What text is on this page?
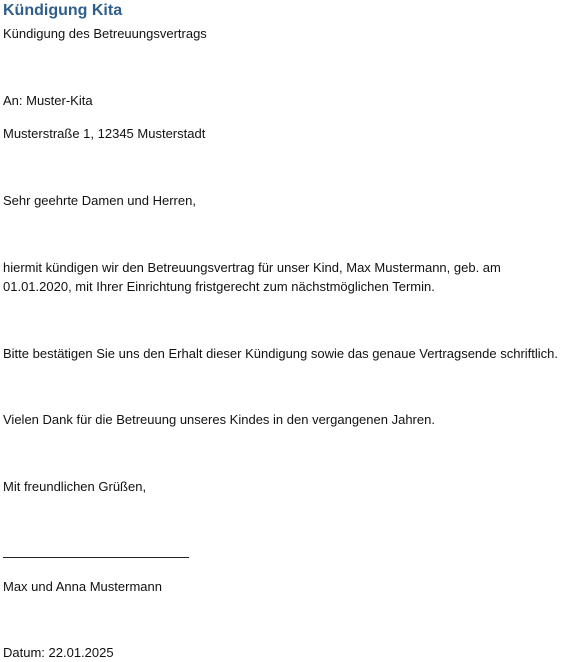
Kündigung Kita
Kündigung des Betreuungsvertrags
An: Muster-Kita
Musterstraße 1, 12345 Musterstadt
Sehr geehrte Damen und Herren,
hiermit kündigen wir den Betreuungsvertrag für unser Kind, Max Mustermann, geb. am 01.01.2020, mit Ihrer Einrichtung fristgerecht zum nächstmöglichen Termin.
Bitte bestätigen Sie uns den Erhalt dieser Kündigung sowie das genaue Vertragsende schriftlich.
Vielen Dank für die Betreuung unseres Kindes in den vergangenen Jahren.
Mit freundlichen Grüßen,
Max und Anna Mustermann
Datum: 22.01.2025
